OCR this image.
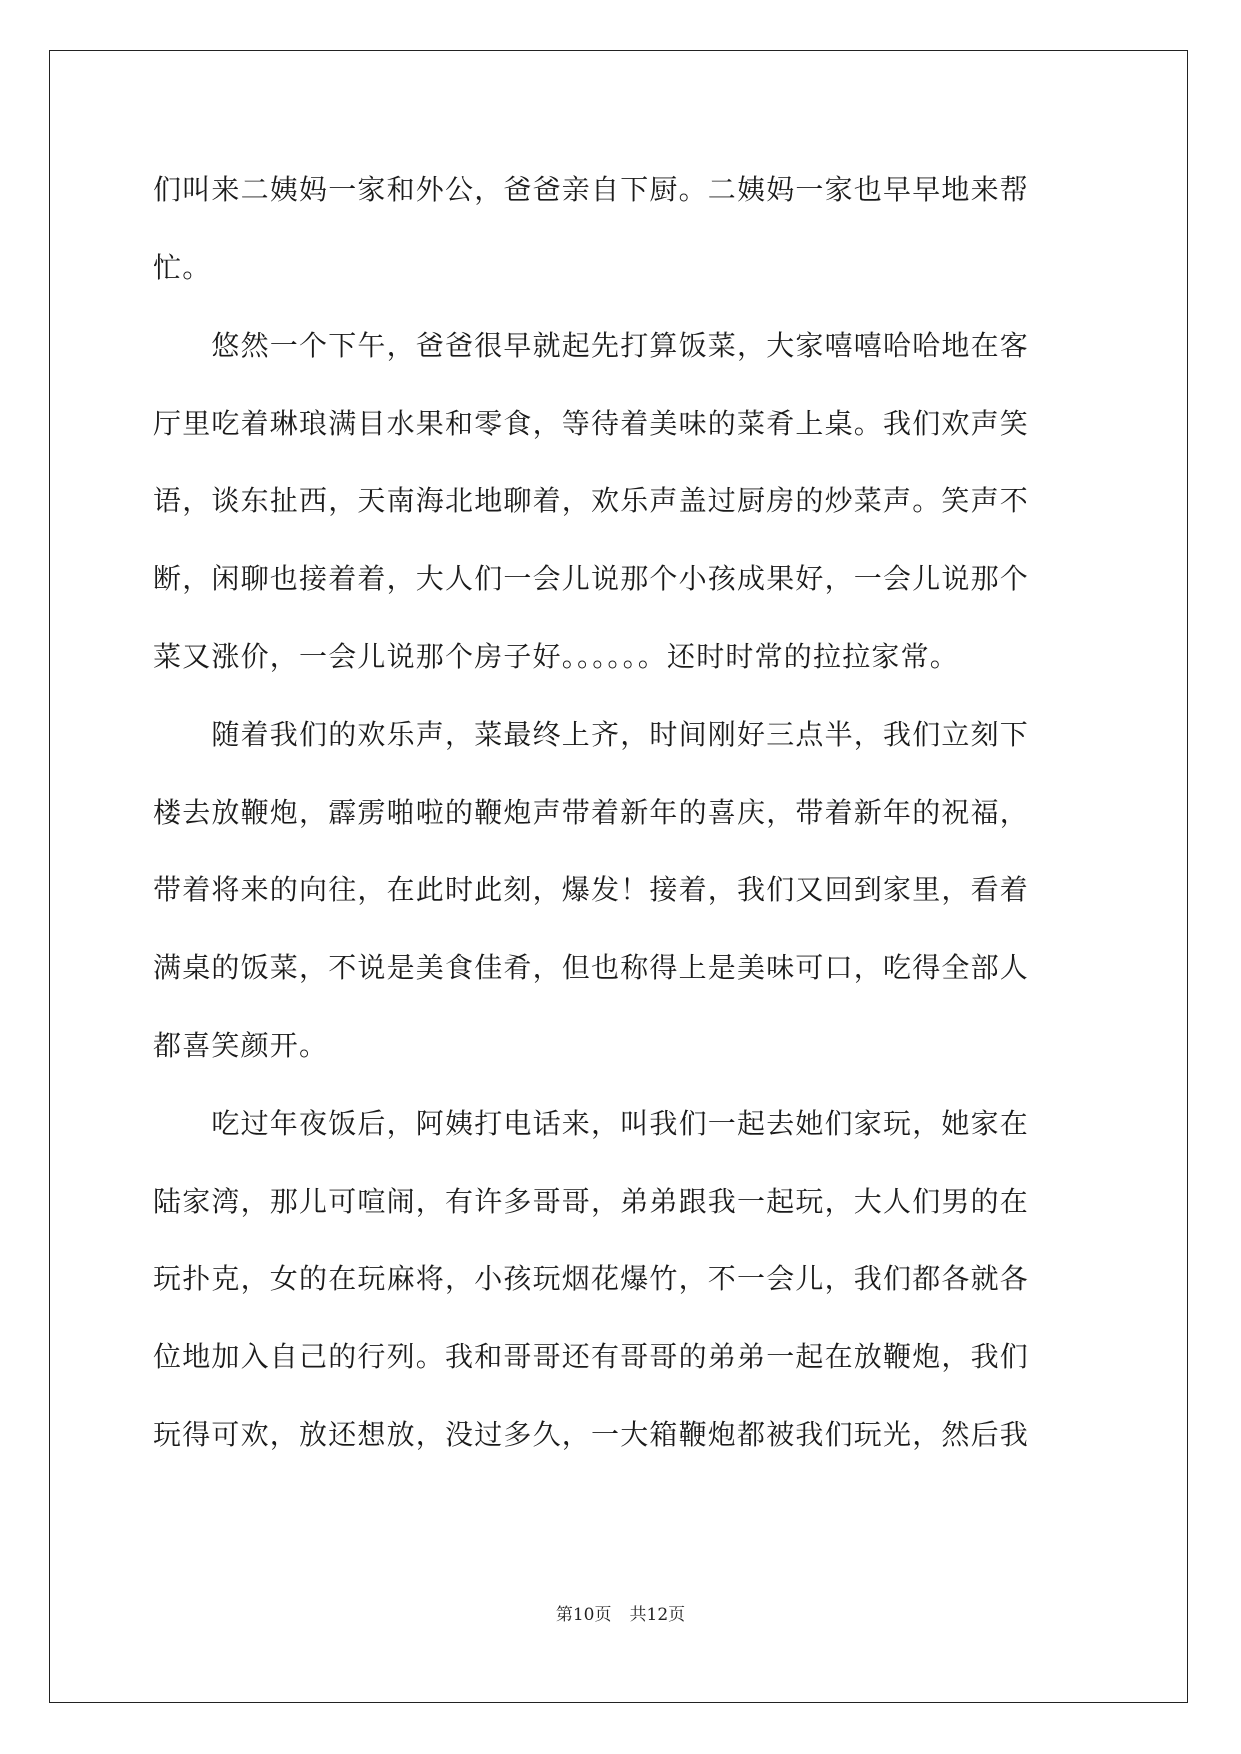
们叫来二姨妈一家和外公，爸爸亲自下厨。二姨妈一家也早早地来帮
忙。
　　悠然一个下午，爸爸很早就起先打算饭菜，大家嘻嘻哈哈地在客
厅里吃着琳琅满目水果和零食，等待着美味的菜肴上桌。我们欢声笑
语，谈东扯西，天南海北地聊着，欢乐声盖过厨房的炒菜声。笑声不
断，闲聊也接着着，大人们一会儿说那个小孩成果好，一会儿说那个
菜又涨价，一会儿说那个房子好。。。。。。还时时常的拉拉家常。
　　随着我们的欢乐声，菜最终上齐，时间刚好三点半，我们立刻下
楼去放鞭炮，霹雳啪啦的鞭炮声带着新年的喜庆，带着新年的祝福，
带着将来的向往，在此时此刻，爆发！接着，我们又回到家里，看着
满桌的饭菜，不说是美食佳肴，但也称得上是美味可口，吃得全部人
都喜笑颜开。
　　吃过年夜饭后，阿姨打电话来，叫我们一起去她们家玩，她家在
陆家湾，那儿可喧闹，有许多哥哥，弟弟跟我一起玩，大人们男的在
玩扑克，女的在玩麻将，小孩玩烟花爆竹，不一会儿，我们都各就各
位地加入自己的行列。我和哥哥还有哥哥的弟弟一起在放鞭炮，我们
玩得可欢，放还想放，没过多久，一大箱鞭炮都被我们玩光，然后我
第10页 共12页
